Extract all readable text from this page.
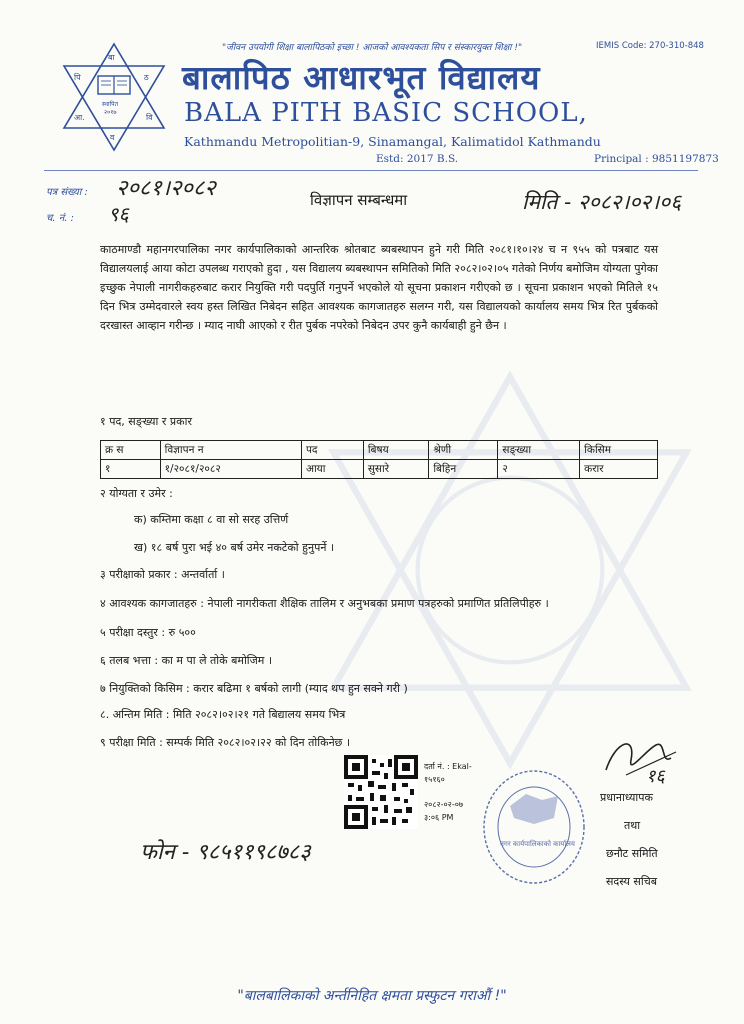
"जीवन उपयोगी शिक्षा बालापिठको इच्छा ! आजको आवश्यकता सिप र संस्कारयुक्त शिक्षा !"	IEMIS Code: 270-310-848
बा
पि	ठ
आ.	वि
व
स्थापित
२०१७
बालापिठ आधारभूत विद्यालय
BALA PITH BASIC SCHOOL,
Kathmandu Metropolitian-9, Sinamangal, Kalimatidol Kathmandu
Estd: 2017 B.S.	Principal : 9851197873
पत्र संख्या : २०८१।२०८२
च. नं. : ९६
विज्ञापन सम्बन्धमा	मिति - २०८२।०२।०६
काठमाण्डौ महानगरपालिका नगर कार्यपालिकाको आन्तरिक श्रोतबाट ब्यबस्थापन हुने गरी मिति २०८१।१०।२४ च न ९५५ को पत्रबाट यस विद्यालयलाई आया कोटा उपलब्ध गराएको हुदा , यस विद्यालय ब्यबस्थापन समितिको मिति २०८२।०२।०५ गतेको निर्णय बमोजिम योग्यता पुगेका इच्छुक नेपाली नागरीकहरुबाट करार नियुक्ति गरी पदपुर्ति गनुपर्ने भएकोले यो सूचना प्रकाशन गरीएको छ । सूचना प्रकाशन भएको मितिले १५ दिन भित्र उम्मेदवारले स्वय हस्त लिखित निबेदन सहित आवश्यक कागजातहरु सलग्न गरी, यस विद्यालयको कार्यालय समय भित्र रित पुर्बकको दरखास्त आव्हान गरीन्छ । म्याद नाघी आएको र रीत पुर्बक नपरेको निबेदन उपर कुनै कार्यबाही हुने छैन ।
१ पद, सङ्ख्या र प्रकार
क्र स	विज्ञापन न	पद	बिषय	श्रेणी	सङ्ख्या	किसिम
१	१/२०८१/२०८२	आया	सुसारे	बिहिन	२	करार
२ योग्यता र उमेर :
क) कम्तिमा कक्षा ८ वा सो सरह उत्तिर्ण
ख) १८ बर्ष पुरा भई ४० बर्ष उमेर नकटेको हुनुपर्ने ।
३ परीक्षाको प्रकार : अन्तर्वार्ता ।
४ आवश्यक कागजातहरु : नेपाली नागरीकता शैक्षिक तालिम र अनुभबका प्रमाण पत्रहरुको प्रमाणित प्रतिलिपीहरु ।
५ परीक्षा दस्तुर : रु ५००
६ तलब भत्ता : का म पा ले तोके बमोजिम ।
७ नियुक्तिको किसिम : करार बढिमा १ बर्षको लागी (म्याद थप हुन सक्ने गरी )
८. अन्तिम मिति : मिति २०८२।०२।२१ गते बिद्यालय समय भित्र
९ परीक्षा मिति : सम्पर्क मिति २०८२।०२।२२ को दिन तोकिनेछ ।
दर्ता नं. : Ekal-
१५१६०
२०८२-०२-०७
३:०६ PM
नगर कार्यपालिकाको कार्यालय
१६
प्रधानाध्यापक
तथा
छनौट समिति
सदस्य सचिब
फोन - ९८५११९८७८३
"बालबालिकाको अर्न्तनिहित क्षमता प्रस्फुटन गराऔं !"
